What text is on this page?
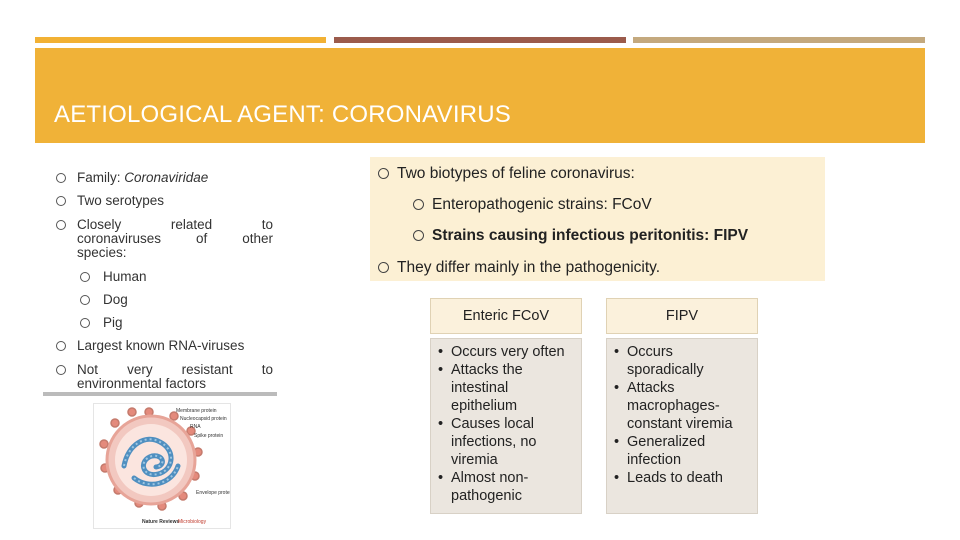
AETIOLOGICAL AGENT: CORONAVIRUS
Family: Coronaviridae
Two serotypes
Closely	related	to
coronaviruses	of	other
species:
Human
Dog
Pig
Largest known RNA-viruses
Not very resistant to
environmental factors
Membrane protein
Nucleocapsid protein
RNA
Spike protein
Envelope protein
Nature Reviews
Microbiology
Two biotypes of feline coronavirus:
Enteropathogenic strains: FCoV
Strains causing infectious peritonitis: FIPV
They differ mainly in the pathogenicity.
Enteric FCoV
• Occurs very often
• Attacks the intestinal epithelium
• Causes local infections, no viremia
• Almost non-pathogenic
FIPV
• Occurs sporadically
• Attacks macrophages- constant viremia
• Generalized infection
• Leads to death
